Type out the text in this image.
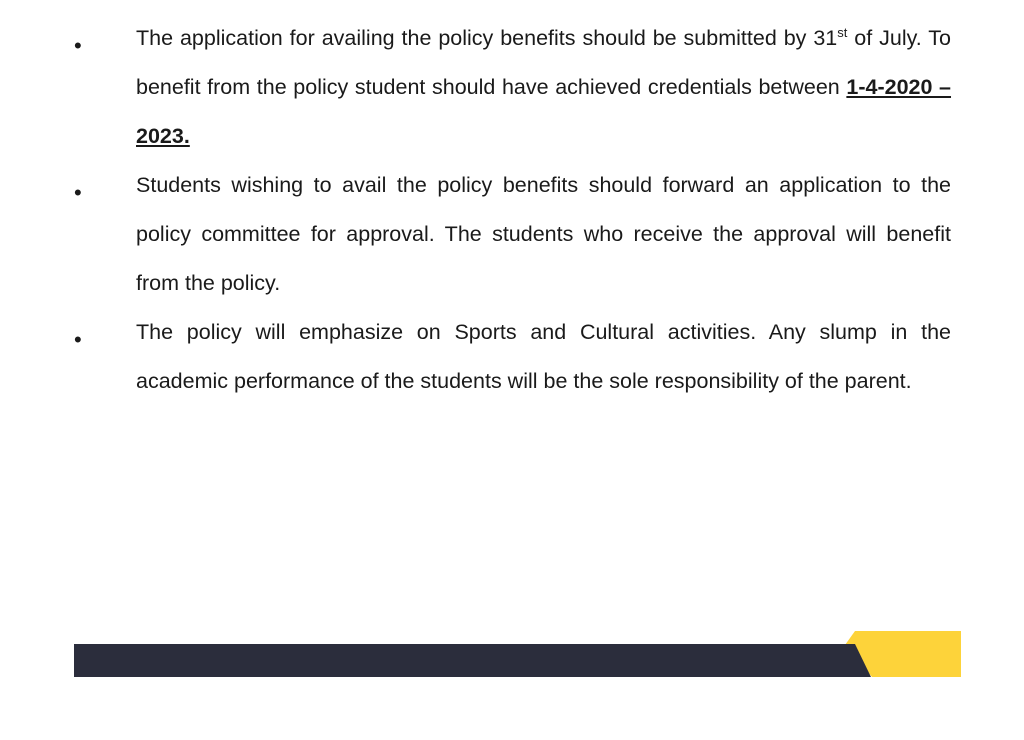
•	The application for availing the policy benefits should be submitted by 31st of July. To benefit from the policy student should have achieved credentials between 1-4-2020 – 2023.

•	Students wishing to avail the policy benefits should forward an application to the policy committee for approval. The students who receive the approval will benefit from the policy.

•	The policy will emphasize on Sports and Cultural activities. Any slump in the academic performance of the students will be the sole responsibility of the parent.
